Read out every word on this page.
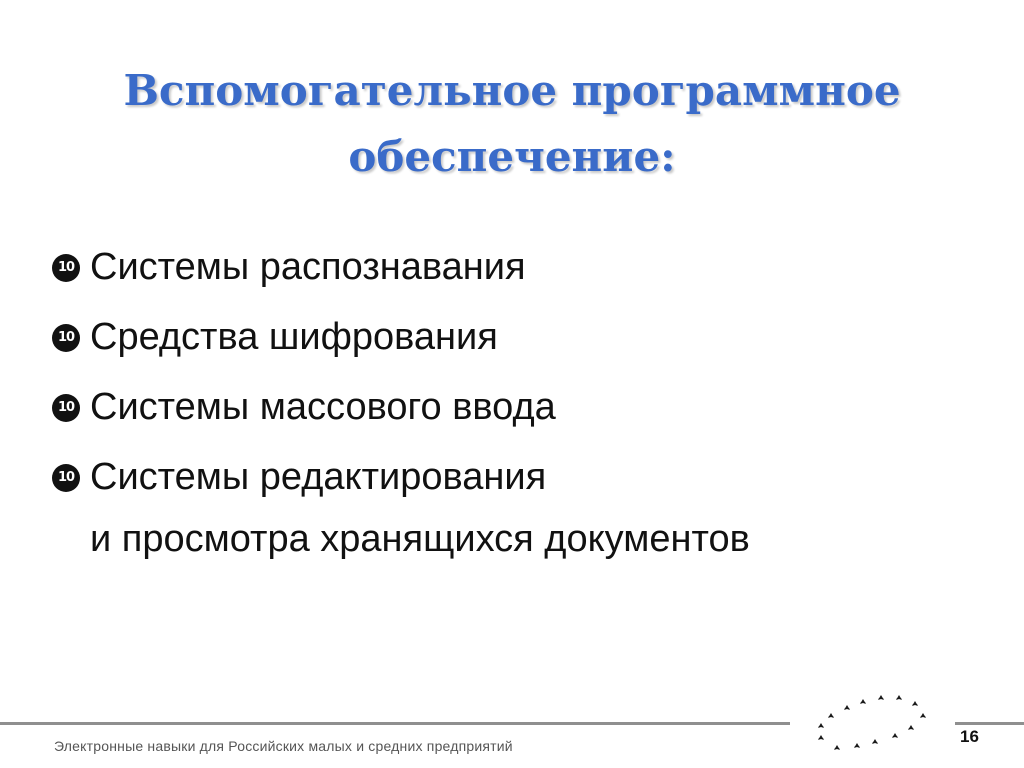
Вспомогательное программное обеспечение:
10 Системы распознавания
10 Средства шифрования
10 Системы массового ввода
10 Системы редактирования
и просмотра хранящихся документов
Электронные навыки для Российских малых и средних предприятий	16
